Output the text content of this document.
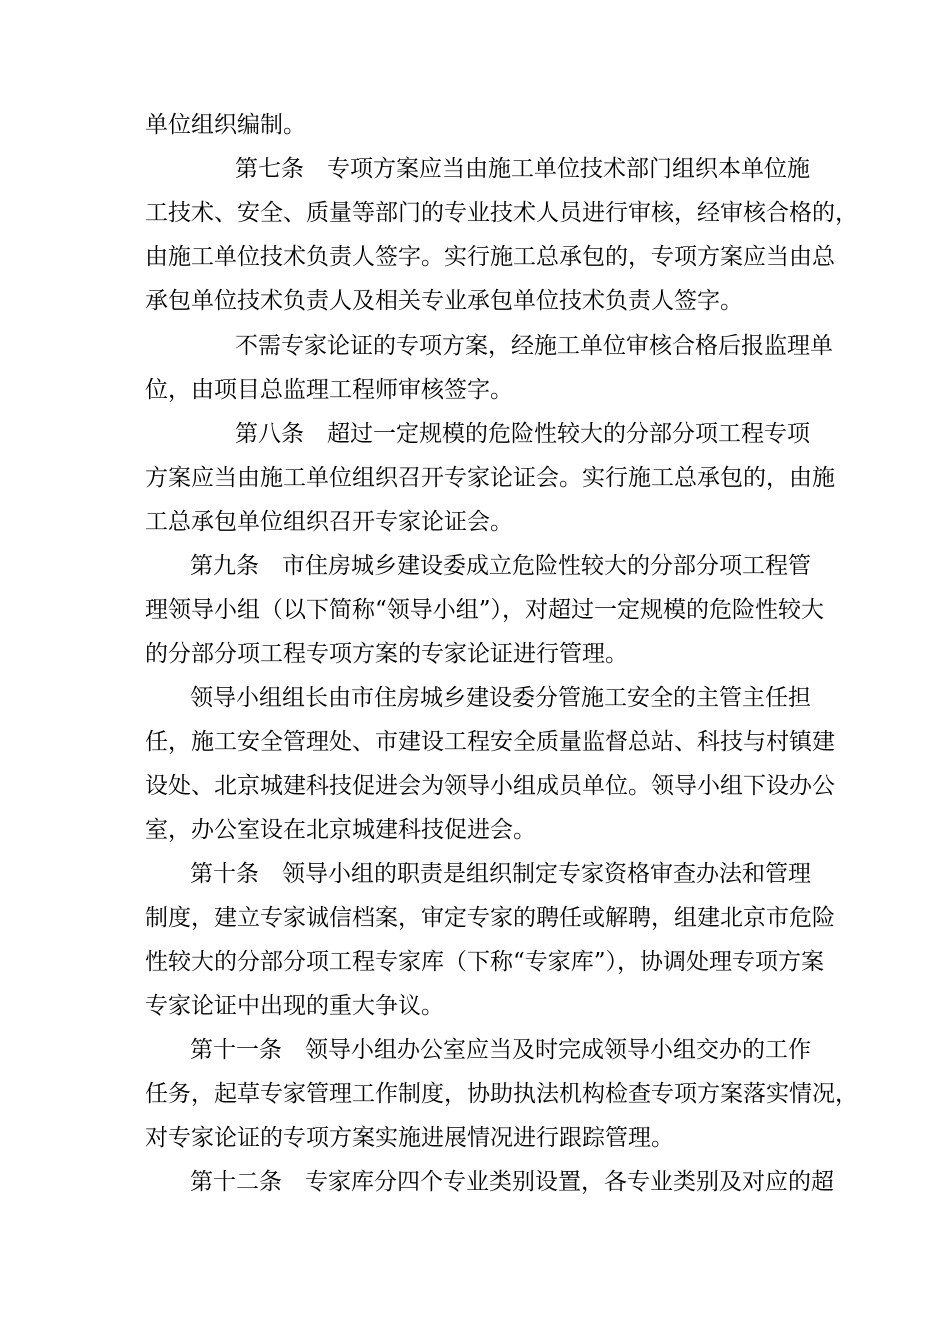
单位组织编制。
第七条　专项方案应当由施工单位技术部门组织本单位施
工技术、安全、质量等部门的专业技术人员进行审核，经审核合格的，
由施工单位技术负责人签字。实行施工总承包的，专项方案应当由总
承包单位技术负责人及相关专业承包单位技术负责人签字。
不需专家论证的专项方案，经施工单位审核合格后报监理单
位，由项目总监理工程师审核签字。
第八条　超过一定规模的危险性较大的分部分项工程专项
方案应当由施工单位组织召开专家论证会。实行施工总承包的，由施
工总承包单位组织召开专家论证会。
第九条　市住房城乡建设委成立危险性较大的分部分项工程管
理领导小组（以下简称“领导小组”），对超过一定规模的危险性较大
的分部分项工程专项方案的专家论证进行管理。
领导小组组长由市住房城乡建设委分管施工安全的主管主任担
任，施工安全管理处、市建设工程安全质量监督总站、科技与村镇建
设处、北京城建科技促进会为领导小组成员单位。领导小组下设办公
室，办公室设在北京城建科技促进会。
第十条　领导小组的职责是组织制定专家资格审查办法和管理
制度，建立专家诚信档案，审定专家的聘任或解聘，组建北京市危险
性较大的分部分项工程专家库（下称“专家库”），协调处理专项方案
专家论证中出现的重大争议。
第十一条　领导小组办公室应当及时完成领导小组交办的工作
任务，起草专家管理工作制度，协助执法机构检查专项方案落实情况，
对专家论证的专项方案实施进展情况进行跟踪管理。
第十二条　专家库分四个专业类别设置，各专业类别及对应的超
